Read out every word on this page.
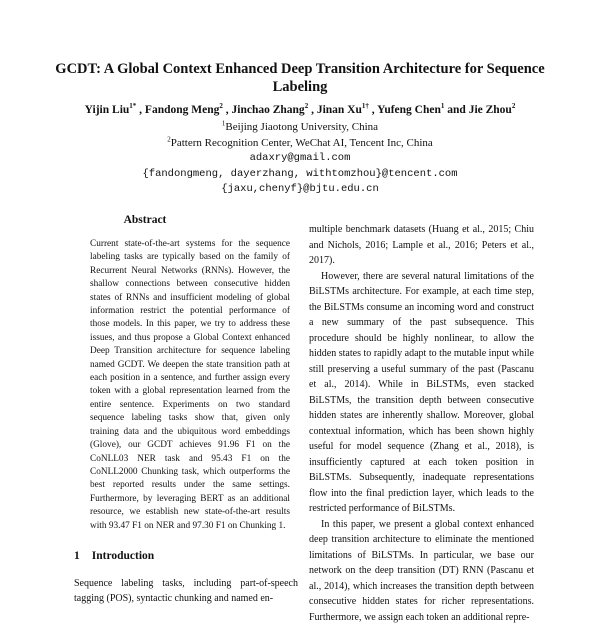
GCDT: A Global Context Enhanced Deep Transition Architecture for Sequence Labeling
Yijin Liu$^{1*}$ , Fandong Meng$^2$ , Jinchao Zhang$^2$ , Jinan $Xu^{1\dagger}$ , Yufeng Chen$^1$ and Jie Zhou$^2$
$^1$Beijing Jiaotong University, China
$^2$Pattern Recognition Center, WeChat AI, Tencent Inc, China
adaxry@gmail.com
{fandongmeng, dayerzhang, withtomzhou}@tencent.com
{jaxu,chenyf}@bjtu.edu.cn
Abstract
Current state-of-the-art systems for the sequence labeling tasks are typically based on the family of Recurrent Neural Networks (RNNs). However, the shallow connections between consecutive hidden states of RNNs and insufficient modeling of global information restrict the potential performance of those models. In this paper, we try to address these issues, and thus propose a Global Context enhanced Deep Transition architecture for sequence labeling named GCDT. We deepen the state transition path at each position in a sentence, and further assign every token with a global representation learned from the entire sentence. Experiments on two standard sequence labeling tasks show that, given only training data and the ubiquitous word embeddings (Glove), our GCDT achieves 91.96 F1 on the CoNLL03 NER task and 95.43 F1 on the CoNLL2000 Chunking task, which outperforms the best reported results under the same settings. Furthermore, by leveraging BERT as an additional resource, we establish new state-of-the-art results with 93.47 F1 on NER and 97.30 F1 on Chunking 1.
1 Introduction
Sequence labeling tasks, including part-of-speech tagging (POS), syntactic chunking and named en-

multiple benchmark datasets (Huang et al., 2015; Chiu and Nichols, 2016; Lample et al., 2016; Peters et al., 2017).

However, there are several natural limitations of the BiLSTMs architecture. For example, at each time step, the BiLSTMs consume an incoming word and construct a new summary of the past subsequence. This procedure should be highly nonlinear, to allow the hidden states to rapidly adapt to the mutable input while still preserving a useful summary of the past (Pascanu et al., 2014). While in BiLSTMs, even stacked BiLSTMs, the transition depth between consecutive hidden states are inherently shallow. Moreover, global contextual information, which has been shown highly useful for model sequence (Zhang et al., 2018), is insufficiently captured at each token position in BiLSTMs. Subsequently, inadequate representations flow into the final prediction layer, which leads to the restricted performance of BiLSTMs.

In this paper, we present a global context enhanced deep transition architecture to eliminate the mentioned limitations of BiLSTMs. In particular, we base our network on the deep transition (DT) RNN (Pascanu et al., 2014), which increases the transition depth between consecutive hidden states for richer representations. Furthermore, we assign each token an additional repre-
